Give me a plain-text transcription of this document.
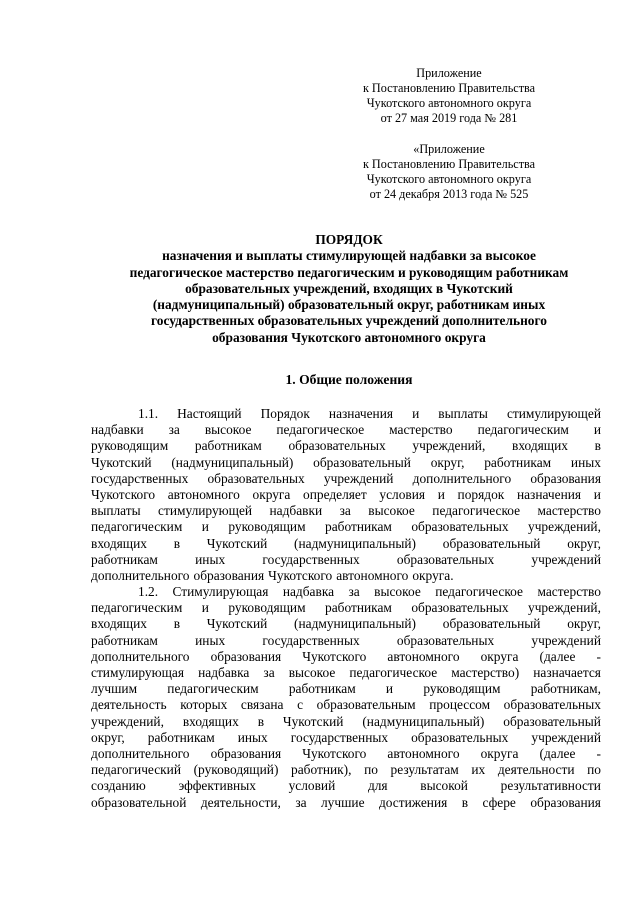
Приложение
к Постановлению Правительства
Чукотского автономного округа
от 27 мая 2019 года № 281
«Приложение
к Постановлению Правительства
Чукотского автономного округа
от 24 декабря 2013 года № 525
ПОРЯДОК
назначения и выплаты стимулирующей надбавки за высокое
педагогическое мастерство педагогическим и руководящим работникам
образовательных учреждений, входящих в Чукотский
(надмуниципальный) образовательный округ, работникам иных
государственных образовательных учреждений дополнительного
образования Чукотского автономного округа
1. Общие положения
1.1. Настоящий Порядок назначения и выплаты стимулирующей
надбавки за высокое педагогическое мастерство педагогическим и
руководящим работникам образовательных учреждений, входящих в
Чукотский (надмуниципальный) образовательный округ, работникам иных
государственных образовательных учреждений дополнительного образования
Чукотского автономного округа определяет условия и порядок назначения и
выплаты стимулирующей надбавки за высокое педагогическое мастерство
педагогическим и руководящим работникам образовательных учреждений,
входящих в Чукотский (надмуниципальный) образовательный округ,
работникам	иных	государственных	образовательных	учреждений
дополнительного образования Чукотского автономного округа.
1.2. Стимулирующая надбавка за высокое педагогическое мастерство
педагогическим и руководящим работникам образовательных учреждений,
входящих в Чукотский (надмуниципальный) образовательный округ,
работникам	иных	государственных	образовательных	учреждений
дополнительного образования Чукотского автономного округа (далее -
стимулирующая надбавка за высокое педагогическое мастерство) назначается
лучшим педагогическим работникам и руководящим работникам,
деятельность которых связана с образовательным процессом образовательных
учреждений, входящих в Чукотский (надмуниципальный) образовательный
округ, работникам иных государственных образовательных учреждений
дополнительного образования Чукотского автономного округа (далее -
педагогический (руководящий) работник), по результатам их деятельности по
созданию эффективных условий для высокой результативности
образовательной деятельности, за лучшие достижения в сфере образования
